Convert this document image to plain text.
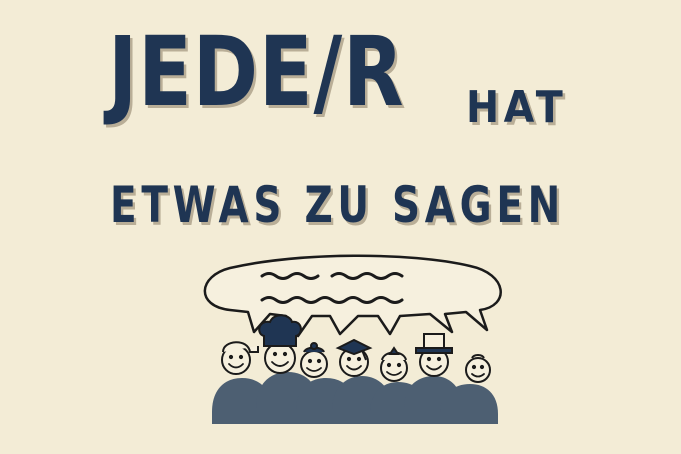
JEDE/R HAT
ETWAS ZU SAGEN
